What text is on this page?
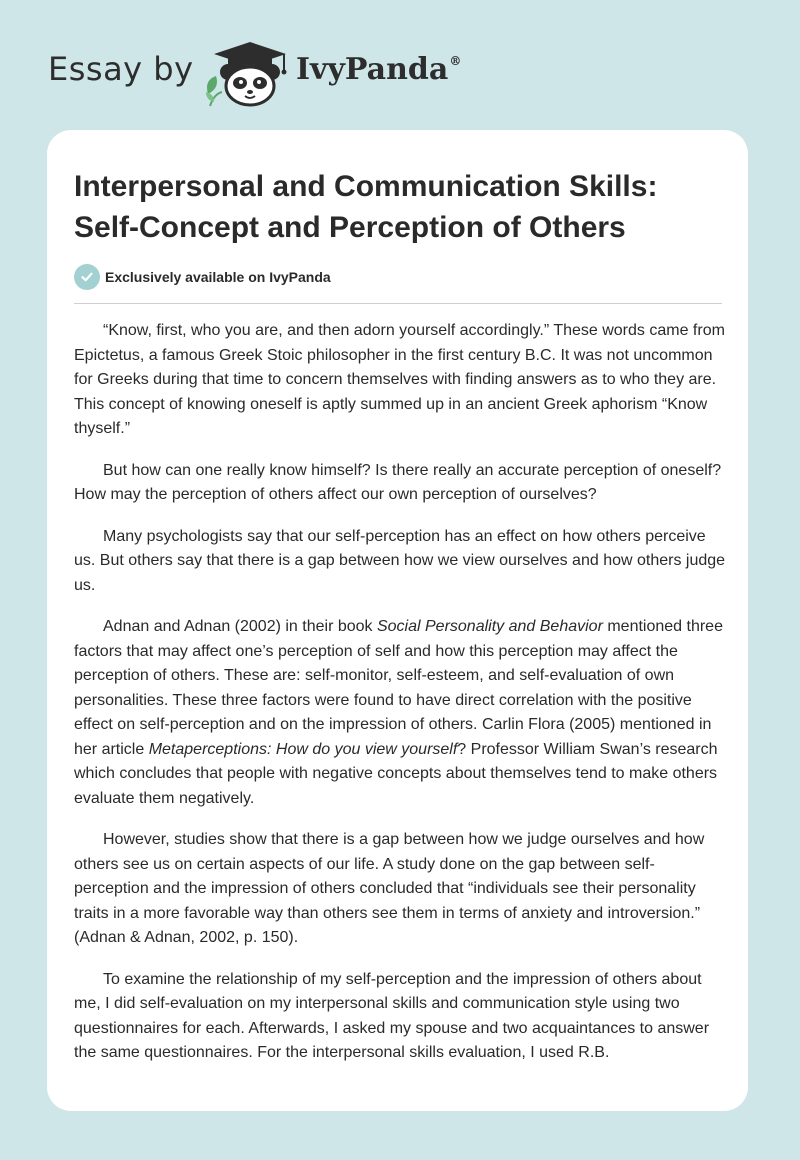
Essay by	IvyPanda®
Interpersonal and Communication Skills:
Self-Concept and Perception of Others
Exclusively available on IvyPanda

“Know, first, who you are, and then adorn yourself accordingly.” These words came from Epictetus, a famous Greek Stoic philosopher in the first century B.C. It was not uncommon for Greeks during that time to concern themselves with finding answers as to who they are. This concept of knowing oneself is aptly summed up in an ancient Greek aphorism “Know thyself.”

But how can one really know himself? Is there really an accurate perception of oneself? How may the perception of others affect our own perception of ourselves?

Many psychologists say that our self-perception has an effect on how others perceive us. But others say that there is a gap between how we view ourselves and how others judge us.

Adnan and Adnan (2002) in their book Social Personality and Behavior mentioned three factors that may affect one’s perception of self and how this perception may affect the perception of others. These are: self-monitor, self-esteem, and self-evaluation of own personalities. These three factors were found to have direct correlation with the positive effect on self-perception and on the impression of others. Carlin Flora (2005) mentioned in her article Metaperceptions: How do you view yourself? Professor William Swan’s research which concludes that people with negative concepts about themselves tend to make others evaluate them negatively.

However, studies show that there is a gap between how we judge ourselves and how others see us on certain aspects of our life. A study done on the gap between self-perception and the impression of others concluded that “individuals see their personality traits in a more favorable way than others see them in terms of anxiety and introversion.” (Adnan & Adnan, 2002, p. 150).

To examine the relationship of my self-perception and the impression of others about me, I did self-evaluation on my interpersonal skills and communication style using two questionnaires for each. Afterwards, I asked my spouse and two acquaintances to answer the same questionnaires. For the interpersonal skills evaluation, I used R.B.
